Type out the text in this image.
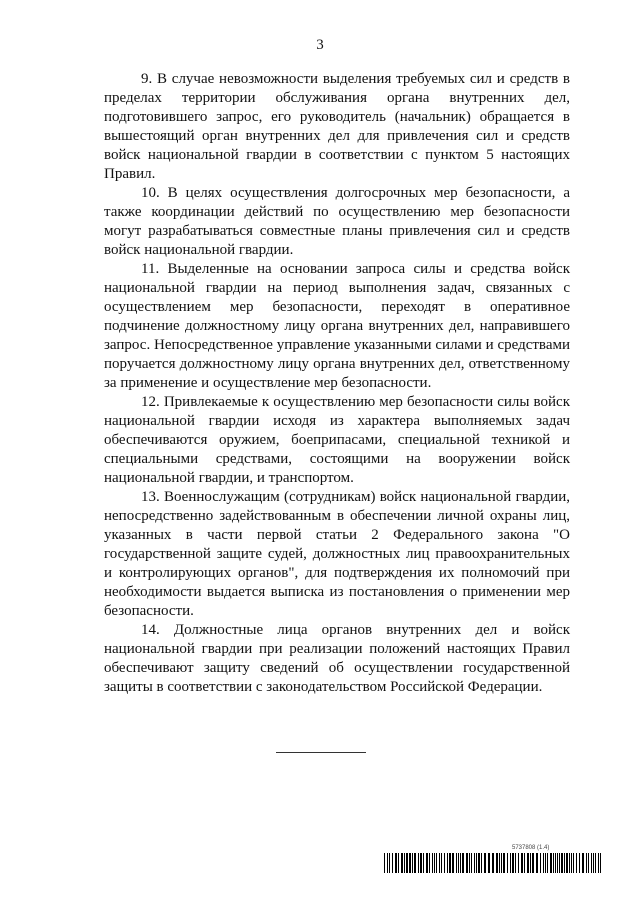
3

9. В случае невозможности выделения требуемых сил и средств в пределах территории обслуживания органа внутренних дел, подготовившего запрос, его руководитель (начальник) обращается в вышестоящий орган внутренних дел для привлечения сил и средств войск национальной гвардии в соответствии с пунктом 5 настоящих Правил.

10. В целях осуществления долгосрочных мер безопасности, а также координации действий по осуществлению мер безопасности могут разрабатываться совместные планы привлечения сил и средств войск национальной гвардии.

11. Выделенные на основании запроса силы и средства войск национальной гвардии на период выполнения задач, связанных с осуществлением мер безопасности, переходят в оперативное подчинение должностному лицу органа внутренних дел, направившего запрос. Непосредственное управление указанными силами и средствами поручается должностному лицу органа внутренних дел, ответственному за применение и осуществление мер безопасности.

12. Привлекаемые к осуществлению мер безопасности силы войск национальной гвардии исходя из характера выполняемых задач обеспечиваются оружием, боеприпасами, специальной техникой и специальными средствами, состоящими на вооружении войск национальной гвардии, и транспортом.

13. Военнослужащим (сотрудникам) войск национальной гвардии, непосредственно задействованным в обеспечении личной охраны лиц, указанных в части первой статьи 2 Федерального закона "О государственной защите судей, должностных лиц правоохранительных и контролирующих органов", для подтверждения их полномочий при необходимости выдается выписка из постановления о применении мер безопасности.

14. Должностные лица органов внутренних дел и войск национальной гвардии при реализации положений настоящих Правил обеспечивают защиту сведений об осуществлении государственной защиты в соответствии с законодательством Российской Федерации.

5737808 (1.4)
